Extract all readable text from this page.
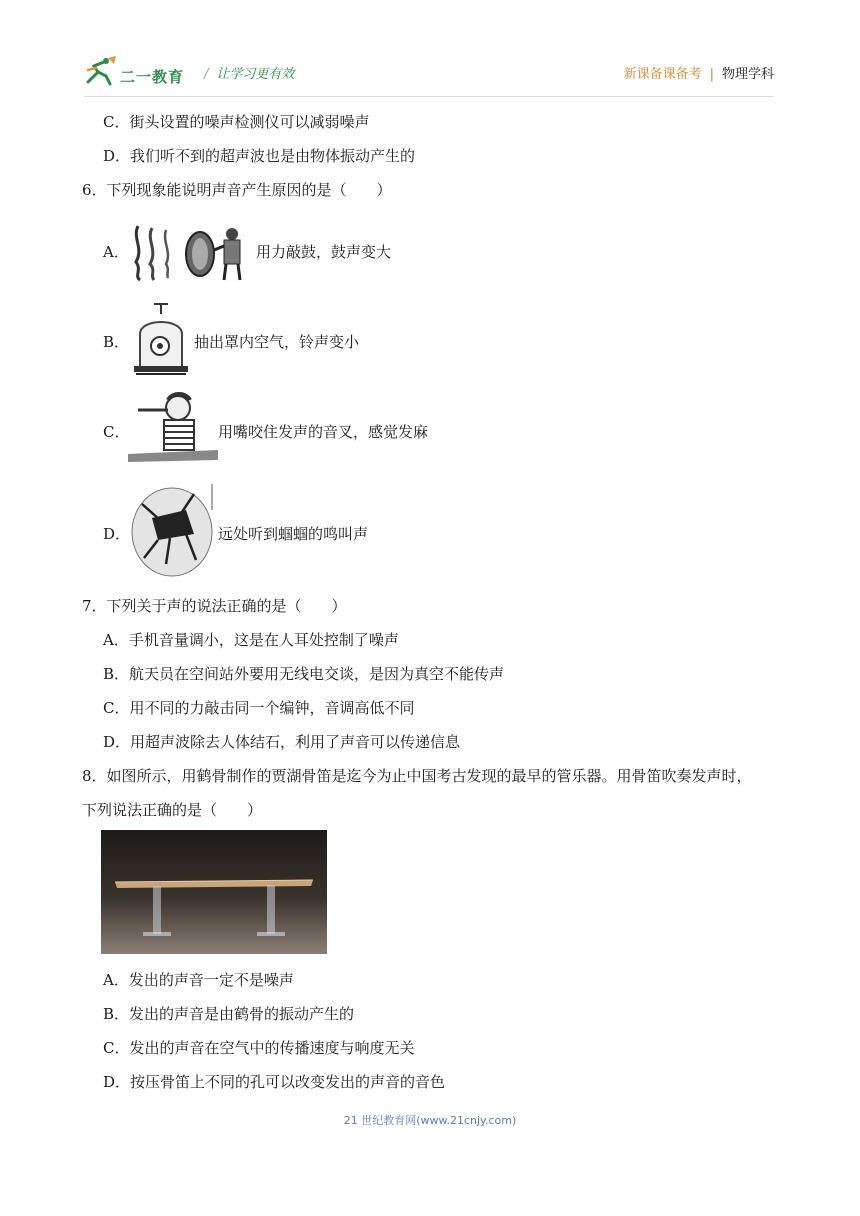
二一教育 / 让学习更有效	新课备课备考 | 物理学科
C．街头设置的噪声检测仪可以减弱噪声
D．我们听不到的超声波也是由物体振动产生的
6．下列现象能说明声音产生原因的是（　　）
A．	用力敲鼓，鼓声变大
B．	抽出罩内空气，铃声变小
C．	用嘴咬住发声的音叉，感觉发麻
D．	远处听到蝈蝈的鸣叫声
7．下列关于声的说法正确的是（　　）
A．手机音量调小，这是在人耳处控制了噪声
B．航天员在空间站外要用无线电交谈，是因为真空不能传声
C．用不同的力敲击同一个编钟，音调高低不同
D．用超声波除去人体结石，利用了声音可以传递信息
8．如图所示，用鹤骨制作的贾湖骨笛是迄今为止中国考古发现的最早的管乐器。用骨笛吹奏发声时，
下列说法正确的是（　　）
A．发出的声音一定不是噪声
B．发出的声音是由鹤骨的振动产生的
C．发出的声音在空气中的传播速度与响度无关
D．按压骨笛上不同的孔可以改变发出的声音的音色
21 世纪教育网(www.21cnjy.com)
